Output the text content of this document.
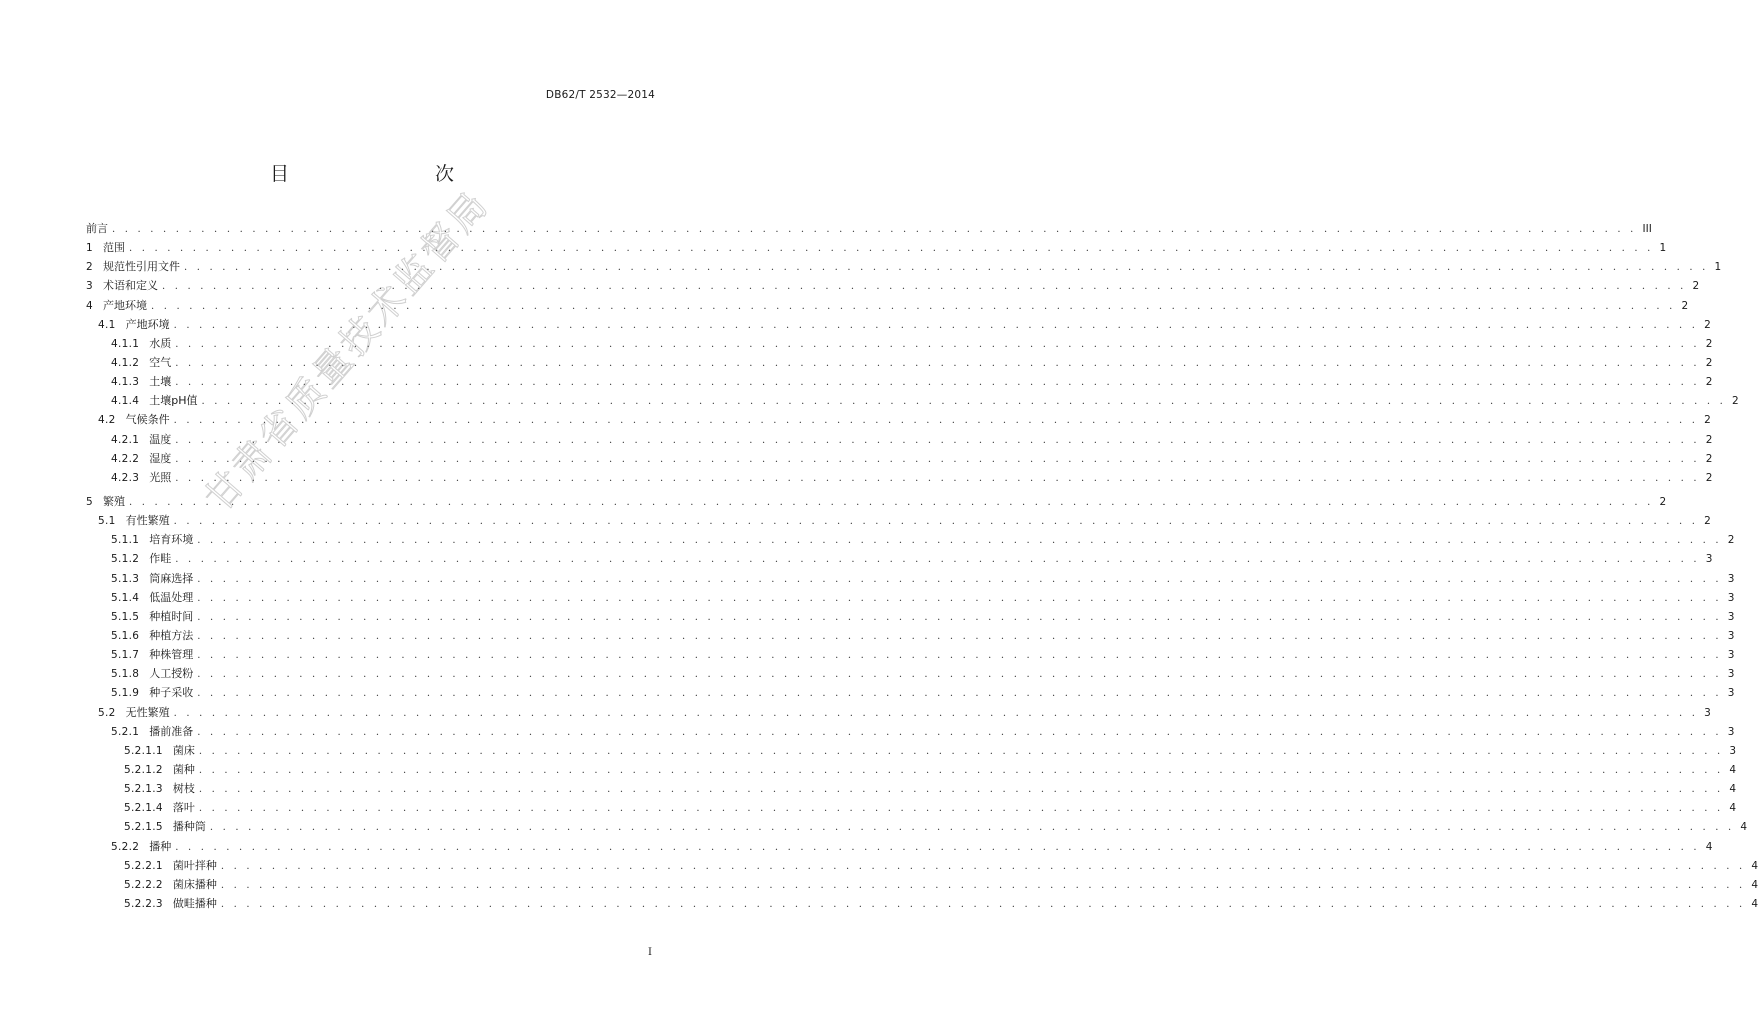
DB62/T 2532—2014
目　　次
前言 . . . . . . . . . . . . . . . . . . . . . . . . . . . . . . . . . . . . . . . . . . . . . . . . . . . . . . . . . . . . . . . . . . . . . . . . . . . . . . . . . . . . . . . . . . . . . . . . . . . . . . . . . . . . . . . . . . . . . . . . III
1 范围 . . . . . . . . . . . . . . . . . . . . . . . . . . . . . . . . . . . . . . . . . . . . . . . . . . . . . . . . . . . . . . . . . . . . . . . . . . . . . . . . . . . . . . . . . . . . . . . . . . . . . . . . . . . . . . . . . . . . . . . . 1
2 规范性引用文件 . . . . . . . . . . . . . . . . . . . . . . . . . . . . . . . . . . . . . . . . . . . . . . . . . . . . . . . . . . . . . . . . . . . . . . . . . . . . . . . . . . . . . . . . . . . . . . . . . . . . . . . . . . . . . . . . . . . . . . . . 1
3 术语和定义 . . . . . . . . . . . . . . . . . . . . . . . . . . . . . . . . . . . . . . . . . . . . . . . . . . . . . . . . . . . . . . . . . . . . . . . . . . . . . . . . . . . . . . . . . . . . . . . . . . . . . . . . . . . . . . . . . . . . . . . . 2
4 产地环境 . . . . . . . . . . . . . . . . . . . . . . . . . . . . . . . . . . . . . . . . . . . . . . . . . . . . . . . . . . . . . . . . . . . . . . . . . . . . . . . . . . . . . . . . . . . . . . . . . . . . . . . . . . . . . . . . . . . . . . . . 2
4.1 产地环境 . . . . . . . . . . . . . . . . . . . . . . . . . . . . . . . . . . . . . . . . . . . . . . . . . . . . . . . . . . . . . . . . . . . . . . . . . . . . . . . . . . . . . . . . . . . . . . . . . . . . . . . . . . . . . . . . . . . . . . . . 2
4.1.1 水质 . . . . . . . . . . . . . . . . . . . . . . . . . . . . . . . . . . . . . . . . . . . . . . . . . . . . . . . . . . . . . . . . . . . . . . . . . . . . . . . . . . . . . . . . . . . . . . . . . . . . . . . . . . . . . . . . . . . . . . . . 2
4.1.2 空气 . . . . . . . . . . . . . . . . . . . . . . . . . . . . . . . . . . . . . . . . . . . . . . . . . . . . . . . . . . . . . . . . . . . . . . . . . . . . . . . . . . . . . . . . . . . . . . . . . . . . . . . . . . . . . . . . . . . . . . . . 2
4.1.3 土壤 . . . . . . . . . . . . . . . . . . . . . . . . . . . . . . . . . . . . . . . . . . . . . . . . . . . . . . . . . . . . . . . . . . . . . . . . . . . . . . . . . . . . . . . . . . . . . . . . . . . . . . . . . . . . . . . . . . . . . . . . 2
4.1.4 土壤pH值 . . . . . . . . . . . . . . . . . . . . . . . . . . . . . . . . . . . . . . . . . . . . . . . . . . . . . . . . . . . . . . . . . . . . . . . . . . . . . . . . . . . . . . . . . . . . . . . . . . . . . . . . . . . . . . . . . . . . . . . . 2
4.2 气候条件 . . . . . . . . . . . . . . . . . . . . . . . . . . . . . . . . . . . . . . . . . . . . . . . . . . . . . . . . . . . . . . . . . . . . . . . . . . . . . . . . . . . . . . . . . . . . . . . . . . . . . . . . . . . . . . . . . . . . . . . . 2
4.2.1 温度 . . . . . . . . . . . . . . . . . . . . . . . . . . . . . . . . . . . . . . . . . . . . . . . . . . . . . . . . . . . . . . . . . . . . . . . . . . . . . . . . . . . . . . . . . . . . . . . . . . . . . . . . . . . . . . . . . . . . . . . . 2
4.2.2 湿度 . . . . . . . . . . . . . . . . . . . . . . . . . . . . . . . . . . . . . . . . . . . . . . . . . . . . . . . . . . . . . . . . . . . . . . . . . . . . . . . . . . . . . . . . . . . . . . . . . . . . . . . . . . . . . . . . . . . . . . . . 2
4.2.3 光照 . . . . . . . . . . . . . . . . . . . . . . . . . . . . . . . . . . . . . . . . . . . . . . . . . . . . . . . . . . . . . . . . . . . . . . . . . . . . . . . . . . . . . . . . . . . . . . . . . . . . . . . . . . . . . . . . . . . . . . . . 2
5 繁殖 . . . . . . . . . . . . . . . . . . . . . . . . . . . . . . . . . . . . . . . . . . . . . . . . . . . . . . . . . . . . . . . . . . . . . . . . . . . . . . . . . . . . . . . . . . . . . . . . . . . . . . . . . . . . . . . . . . . . . . . . 2
5.1 有性繁殖 . . . . . . . . . . . . . . . . . . . . . . . . . . . . . . . . . . . . . . . . . . . . . . . . . . . . . . . . . . . . . . . . . . . . . . . . . . . . . . . . . . . . . . . . . . . . . . . . . . . . . . . . . . . . . . . . . . . . . . . . 2
5.1.1 培育环境 . . . . . . . . . . . . . . . . . . . . . . . . . . . . . . . . . . . . . . . . . . . . . . . . . . . . . . . . . . . . . . . . . . . . . . . . . . . . . . . . . . . . . . . . . . . . . . . . . . . . . . . . . . . . . . . . . . . . . . . . 2
5.1.2 作畦 . . . . . . . . . . . . . . . . . . . . . . . . . . . . . . . . . . . . . . . . . . . . . . . . . . . . . . . . . . . . . . . . . . . . . . . . . . . . . . . . . . . . . . . . . . . . . . . . . . . . . . . . . . . . . . . . . . . . . . . . 3
5.1.3 筒麻选择 . . . . . . . . . . . . . . . . . . . . . . . . . . . . . . . . . . . . . . . . . . . . . . . . . . . . . . . . . . . . . . . . . . . . . . . . . . . . . . . . . . . . . . . . . . . . . . . . . . . . . . . . . . . . . . . . . . . . . . . . 3
5.1.4 低温处理 . . . . . . . . . . . . . . . . . . . . . . . . . . . . . . . . . . . . . . . . . . . . . . . . . . . . . . . . . . . . . . . . . . . . . . . . . . . . . . . . . . . . . . . . . . . . . . . . . . . . . . . . . . . . . . . . . . . . . . . . 3
5.1.5 种植时间 . . . . . . . . . . . . . . . . . . . . . . . . . . . . . . . . . . . . . . . . . . . . . . . . . . . . . . . . . . . . . . . . . . . . . . . . . . . . . . . . . . . . . . . . . . . . . . . . . . . . . . . . . . . . . . . . . . . . . . . . 3
5.1.6 种植方法 . . . . . . . . . . . . . . . . . . . . . . . . . . . . . . . . . . . . . . . . . . . . . . . . . . . . . . . . . . . . . . . . . . . . . . . . . . . . . . . . . . . . . . . . . . . . . . . . . . . . . . . . . . . . . . . . . . . . . . . . 3
5.1.7 种株管理 . . . . . . . . . . . . . . . . . . . . . . . . . . . . . . . . . . . . . . . . . . . . . . . . . . . . . . . . . . . . . . . . . . . . . . . . . . . . . . . . . . . . . . . . . . . . . . . . . . . . . . . . . . . . . . . . . . . . . . . . 3
5.1.8 人工授粉 . . . . . . . . . . . . . . . . . . . . . . . . . . . . . . . . . . . . . . . . . . . . . . . . . . . . . . . . . . . . . . . . . . . . . . . . . . . . . . . . . . . . . . . . . . . . . . . . . . . . . . . . . . . . . . . . . . . . . . . . 3
5.1.9 种子采收 . . . . . . . . . . . . . . . . . . . . . . . . . . . . . . . . . . . . . . . . . . . . . . . . . . . . . . . . . . . . . . . . . . . . . . . . . . . . . . . . . . . . . . . . . . . . . . . . . . . . . . . . . . . . . . . . . . . . . . . . 3
5.2 无性繁殖 . . . . . . . . . . . . . . . . . . . . . . . . . . . . . . . . . . . . . . . . . . . . . . . . . . . . . . . . . . . . . . . . . . . . . . . . . . . . . . . . . . . . . . . . . . . . . . . . . . . . . . . . . . . . . . . . . . . . . . . . 3
5.2.1 播前准备 . . . . . . . . . . . . . . . . . . . . . . . . . . . . . . . . . . . . . . . . . . . . . . . . . . . . . . . . . . . . . . . . . . . . . . . . . . . . . . . . . . . . . . . . . . . . . . . . . . . . . . . . . . . . . . . . . . . . . . . . 3
5.2.1.1 菌床 . . . . . . . . . . . . . . . . . . . . . . . . . . . . . . . . . . . . . . . . . . . . . . . . . . . . . . . . . . . . . . . . . . . . . . . . . . . . . . . . . . . . . . . . . . . . . . . . . . . . . . . . . . . . . . . . . . . . . . . . 3
5.2.1.2 菌种 . . . . . . . . . . . . . . . . . . . . . . . . . . . . . . . . . . . . . . . . . . . . . . . . . . . . . . . . . . . . . . . . . . . . . . . . . . . . . . . . . . . . . . . . . . . . . . . . . . . . . . . . . . . . . . . . . . . . . . . . 4
5.2.1.3 树枝 . . . . . . . . . . . . . . . . . . . . . . . . . . . . . . . . . . . . . . . . . . . . . . . . . . . . . . . . . . . . . . . . . . . . . . . . . . . . . . . . . . . . . . . . . . . . . . . . . . . . . . . . . . . . . . . . . . . . . . . . 4
5.2.1.4 落叶 . . . . . . . . . . . . . . . . . . . . . . . . . . . . . . . . . . . . . . . . . . . . . . . . . . . . . . . . . . . . . . . . . . . . . . . . . . . . . . . . . . . . . . . . . . . . . . . . . . . . . . . . . . . . . . . . . . . . . . . . 4
5.2.1.5 播种筒 . . . . . . . . . . . . . . . . . . . . . . . . . . . . . . . . . . . . . . . . . . . . . . . . . . . . . . . . . . . . . . . . . . . . . . . . . . . . . . . . . . . . . . . . . . . . . . . . . . . . . . . . . . . . . . . . . . . . . . . . 4
5.2.2 播种 . . . . . . . . . . . . . . . . . . . . . . . . . . . . . . . . . . . . . . . . . . . . . . . . . . . . . . . . . . . . . . . . . . . . . . . . . . . . . . . . . . . . . . . . . . . . . . . . . . . . . . . . . . . . . . . . . . . . . . . . 4
5.2.2.1 菌叶拌种 . . . . . . . . . . . . . . . . . . . . . . . . . . . . . . . . . . . . . . . . . . . . . . . . . . . . . . . . . . . . . . . . . . . . . . . . . . . . . . . . . . . . . . . . . . . . . . . . . . . . . . . . . . . . . . . . . . . . . . . . 4
5.2.2.2 菌床播种 . . . . . . . . . . . . . . . . . . . . . . . . . . . . . . . . . . . . . . . . . . . . . . . . . . . . . . . . . . . . . . . . . . . . . . . . . . . . . . . . . . . . . . . . . . . . . . . . . . . . . . . . . . . . . . . . . . . . . . . . 4
5.2.2.3 做畦播种 . . . . . . . . . . . . . . . . . . . . . . . . . . . . . . . . . . . . . . . . . . . . . . . . . . . . . . . . . . . . . . . . . . . . . . . . . . . . . . . . . . . . . . . . . . . . . . . . . . . . . . . . . . . . . . . . . . . . . . . . 4
甘肃省质量技术监督局
I
